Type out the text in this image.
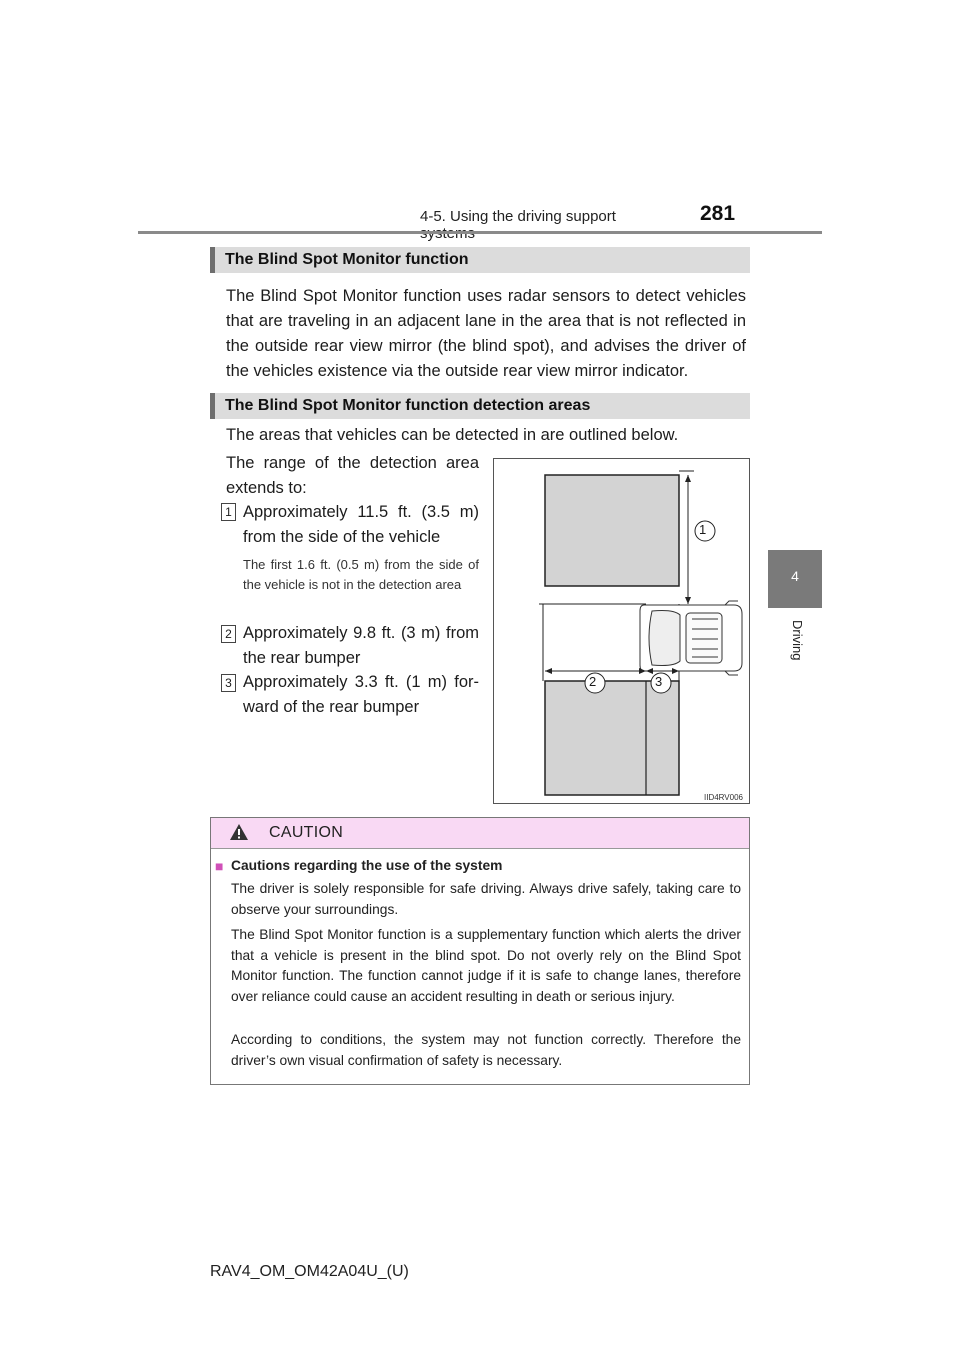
4-5. Using the driving support	281
4
Driving
The Blind Spot Monitor function
The Blind Spot Monitor function uses radar sensors to detect vehicles that are traveling in an adjacent lane in the area that is not reflected in the outside rear view mirror (the blind spot), and advises the driver of the vehicles existence via the outside rear view mirror indicator.
The Blind Spot Monitor function detection areas
The areas that vehicles can be detected in are outlined below.
The range of the detection area extends to:
1 Approximately 11.5 ft. (3.5 m) from the side of the vehicle
The first 1.6 ft. (0.5 m) from the side of the vehicle is not in the detection area
2 Approximately 9.8 ft. (3 m) from the rear bumper
3 Approximately 3.3 ft. (1 m) for-ward of the rear bumper
1
2	3
IID4RV006
CAUTION
■ Cautions regarding the use of the system
The driver is solely responsible for safe driving. Always drive safely, taking care to observe your surroundings.
The Blind Spot Monitor function is a supplementary function which alerts the driver that a vehicle is present in the blind spot. Do not overly rely on the Blind Spot Monitor function. The function cannot judge if it is safe to change lanes, therefore over reliance could cause an accident resulting in death or serious injury.
According to conditions, the system may not function correctly. Therefore the driver’s own visual confirmation of safety is necessary.
RAV4_OM_OM42A04U_(U)
